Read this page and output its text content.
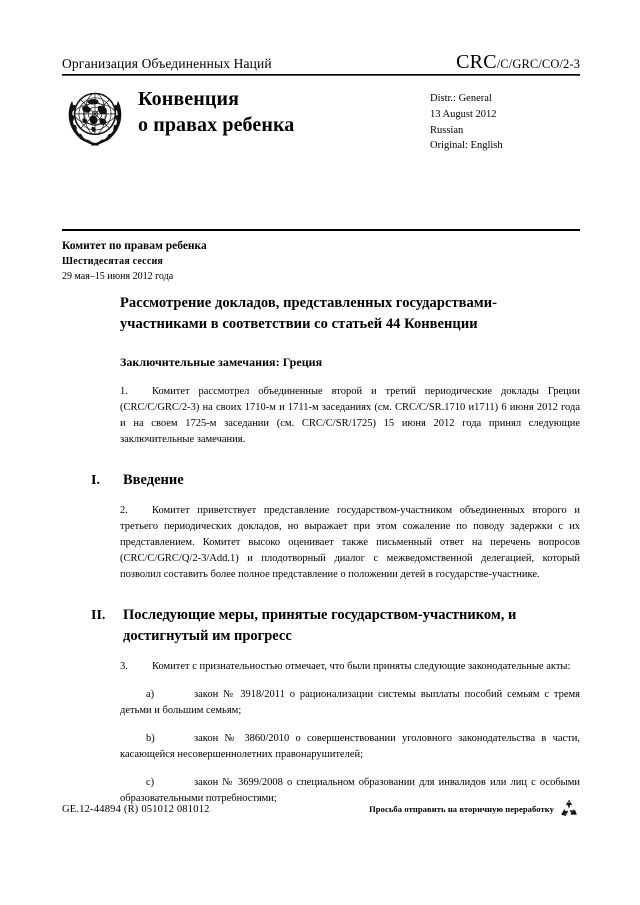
Организация Объединенных Наций	CRC/C/GRC/CO/2-3
Конвенция
о правах ребенка
Distr.: General
13 August 2012
Russian
Original: English
Комитет по правам ребенка
Шестидесятая сессия
29 мая–15 июня 2012 года
Рассмотрение докладов, представленных государствами-участниками в соответствии со статьей 44 Конвенции
Заключительные замечания: Греция

1. Комитет рассмотрел объединенные второй и третий периодические доклады Греции (CRC/C/GRC/2-3) на своих 1710-м и 1711-м заседаниях (см. CRC/C/SR.1710 и1711) 6 июня 2012 года и на своем 1725-м заседании (см. CRC/C/SR/1725) 15 июня 2012 года принял следующие заключительные замечания.

I.	Введение

2. Комитет приветствует представление государством-участником объединенных второго и третьего периодических докладов, но выражает при этом сожаление по поводу задержки с их представлением. Комитет высоко оценивает также письменный ответ на перечень вопросов (CRC/C/GRC/Q/2-3/Add.1) и плодотворный диалог с межведомственной делегацией, который позволил составить более полное представление о положении детей в государстве-участнике.

II.	Последующие меры, принятые государством-участником, и достигнутый им прогресс

3. Комитет с признательностью отмечает, что были приняты следующие законодательные акты:

a)	закон № 3918/2011 о рационализации системы выплаты пособий семьям с тремя детьми и большим семьям;

b)	закон № 3860/2010 о совершенствовании уголовного законодательства в части, касающейся несовершеннолетних правонарушителей;

c)	закон № 3699/2008 о специальном образовании для инвалидов или лиц с особыми образовательными потребностями;

GE.12-44894 (R) 051012 081012	Просьба отправить на вторичную переработку
